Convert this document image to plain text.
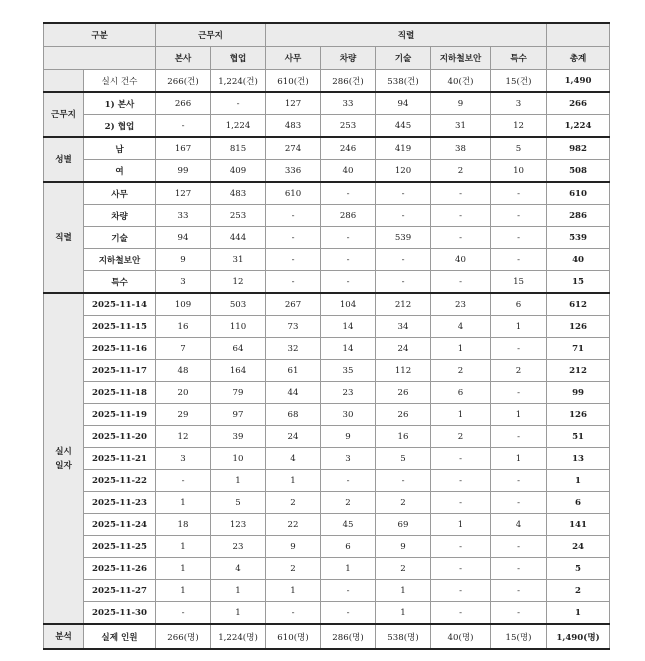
구분		근무지		직렬					
		본사	협업	사무	차량	기술	지하철보안	특수	총계
	실시 건수	266(건)	1,224(건)	610(건)	286(건)	538(건)	40(건)	15(건)	1,490
근무지	1) 본사	266	-	127	33	94	9	3	266
	2) 협업	-	1,224	483	253	445	31	12	1,224
성별	남	167	815	274	246	419	38	5	982
	여	99	409	336	40	120	2	10	508
직렬	사무	127	483	610	-	-	-	-	610
	차량	33	253	-	286	-	-	-	286
	기술	94	444	-	-	539	-	-	539
	지하철보안	9	31	-	-	-	40	-	40
	특수	3	12	-	-	-	-	15	15
실시
일자	2025-11-14	109	503	267	104	212	23	6	612
	2025-11-15	16	110	73	14	34	4	1	126
	2025-11-16	7	64	32	14	24	1	-	71
	2025-11-17	48	164	61	35	112	2	2	212
	2025-11-18	20	79	44	23	26	6	-	99
	2025-11-19	29	97	68	30	26	1	1	126
	2025-11-20	12	39	24	9	16	2	-	51
	2025-11-21	3	10	4	3	5	-	1	13
	2025-11-22	-	1	1	-	-	-	-	1
	2025-11-23	1	5	2	2	2	-	-	6
	2025-11-24	18	123	22	45	69	1	4	141
	2025-11-25	1	23	9	6	9	-	-	24
	2025-11-26	1	4	2	1	2	-	-	5
	2025-11-27	1	1	1	-	1	-	-	2
	2025-11-30	-	1	-	-	1	-	-	1
분석	실제 인원	266(명)	1,224(명)	610(명)	286(명)	538(명)	40(명)	15(명)	1,490(명)
